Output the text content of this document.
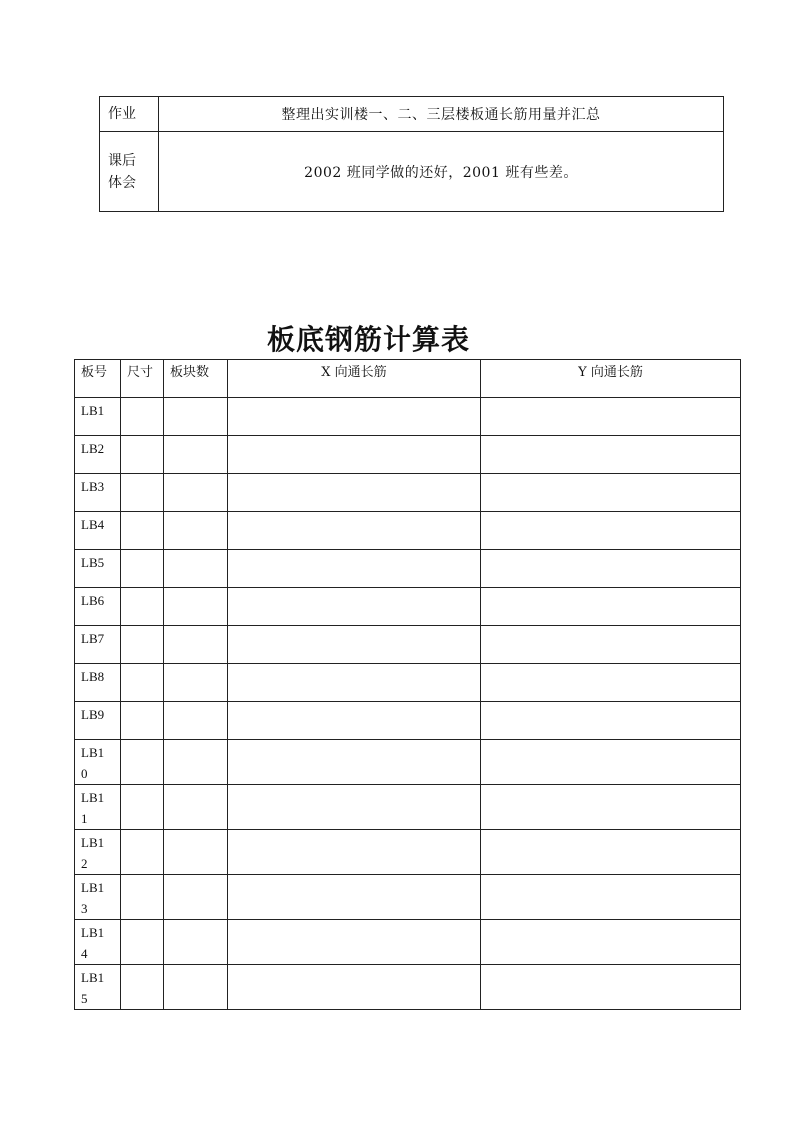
作业	整理出实训楼一、二、三层楼板通长筋用量并汇总
课后体会	2002 班同学做的还好，2001 班有些差。
板底钢筋计算表
板号	尺寸	板块数	X 向通长筋	Y 向通长筋

LB1				

LB2				

LB3				

LB4				

LB5				

LB6				

LB7				

LB8				

LB9				

LB10				

LB11				

LB12				

LB13				

LB14				

LB15				
